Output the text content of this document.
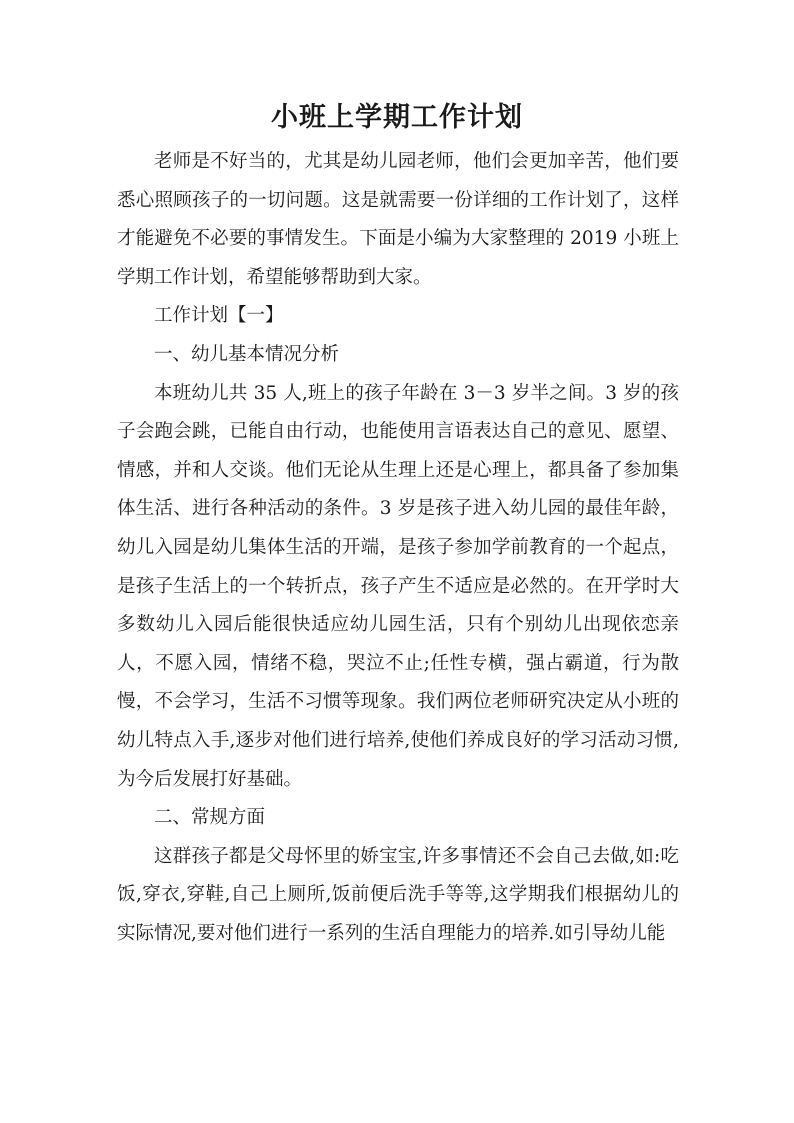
小班上学期工作计划

老师是不好当的，尤其是幼儿园老师，他们会更加辛苦，他们要悉心照顾孩子的一切问题。这是就需要一份详细的工作计划了，这样才能避免不必要的事情发生。下面是小编为大家整理的 2019 小班上学期工作计划，希望能够帮助到大家。

工作计划【一】

一、幼儿基本情况分析

本班幼儿共 35 人,班上的孩子年龄在 3－3 岁半之间。3 岁的孩子会跑会跳，已能自由行动，也能使用言语表达自己的意见、愿望、情感，并和人交谈。他们无论从生理上还是心理上，都具备了参加集体生活、进行各种活动的条件。3 岁是孩子进入幼儿园的最佳年龄，幼儿入园是幼儿集体生活的开端，是孩子参加学前教育的一个起点，是孩子生活上的一个转折点，孩子产生不适应是必然的。在开学时大多数幼儿入园后能很快适应幼儿园生活，只有个别幼儿出现依恋亲人，不愿入园，情绪不稳，哭泣不止;任性专横，强占霸道，行为散慢，不会学习，生活不习惯等现象。我们两位老师研究决定从小班的幼儿特点入手,逐步对他们进行培养,使他们养成良好的学习活动习惯,为今后发展打好基础。

二、常规方面

这群孩子都是父母怀里的娇宝宝,许多事情还不会自己去做,如:吃饭,穿衣,穿鞋,自己上厕所,饭前便后洗手等等,这学期我们根据幼儿的实际情况,要对他们进行一系列的生活自理能力的培养.如引导幼儿能
